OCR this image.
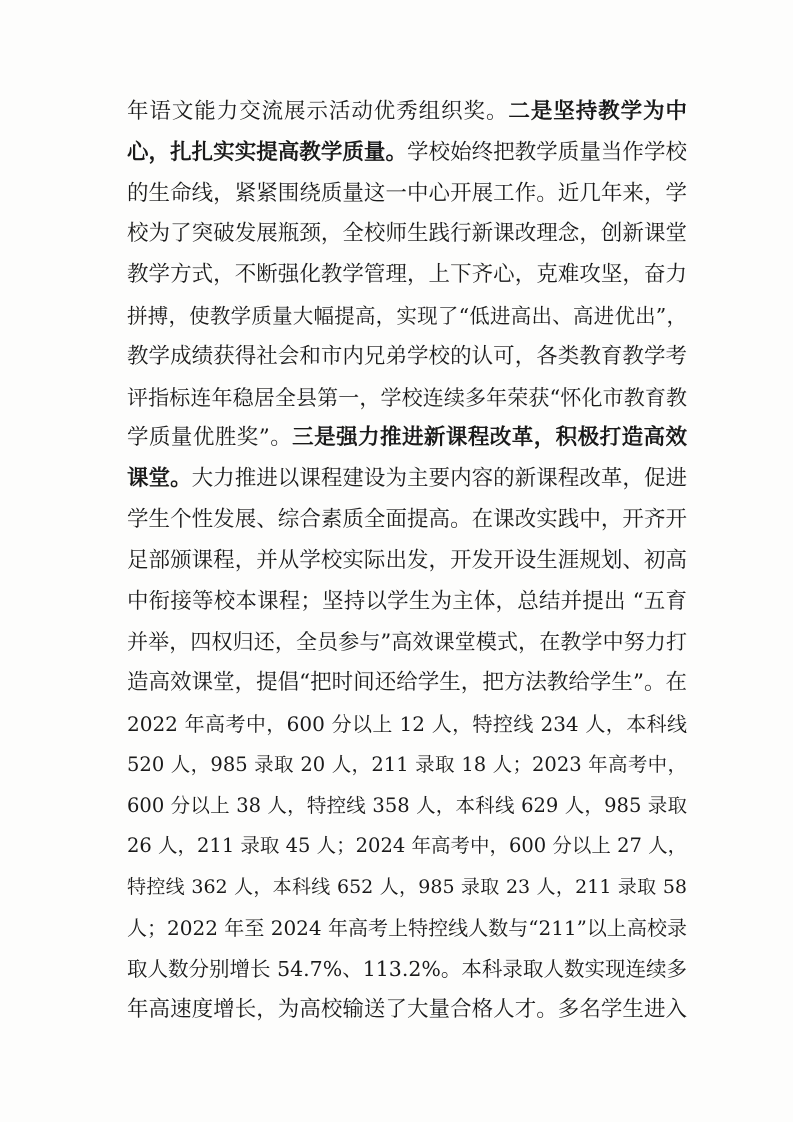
年语文能力交流展示活动优秀组织奖。二是坚持教学为中
心，扎扎实实提高教学质量。学校始终把教学质量当作学校
的生命线，紧紧围绕质量这一中心开展工作。近几年来，学
校为了突破发展瓶颈，全校师生践行新课改理念，创新课堂
教学方式，不断强化教学管理，上下齐心，克难攻坚，奋力
拼搏，使教学质量大幅提高，实现了“低进高出、高进优出”，
教学成绩获得社会和市内兄弟学校的认可，各类教育教学考
评指标连年稳居全县第一，学校连续多年荣获“怀化市教育教
学质量优胜奖”。三是强力推进新课程改革，积极打造高效
课堂。大力推进以课程建设为主要内容的新课程改革，促进
学生个性发展、综合素质全面提高。在课改实践中，开齐开
足部颁课程，并从学校实际出发，开发开设生涯规划、初高
中衔接等校本课程；坚持以学生为主体，总结并提出 “五育
并举，四权归还，全员参与”高效课堂模式，在教学中努力打
造高效课堂，提倡“把时间还给学生，把方法教给学生”。在
2022 年高考中，600 分以上 12 人，特控线 234 人，本科线
520 人，985 录取 20 人，211 录取 18 人；2023 年高考中，
600 分以上 38 人，特控线 358 人，本科线 629 人，985 录取
26 人，211 录取 45 人；2024 年高考中，600 分以上 27 人，
特控线 362 人，本科线 652 人，985 录取 23 人，211 录取 58
人；2022 年至 2024 年高考上特控线人数与“211”以上高校录
取人数分别增长 54.7%、113.2%。本科录取人数实现连续多
年高速度增长，为高校输送了大量合格人才。多名学生进入
